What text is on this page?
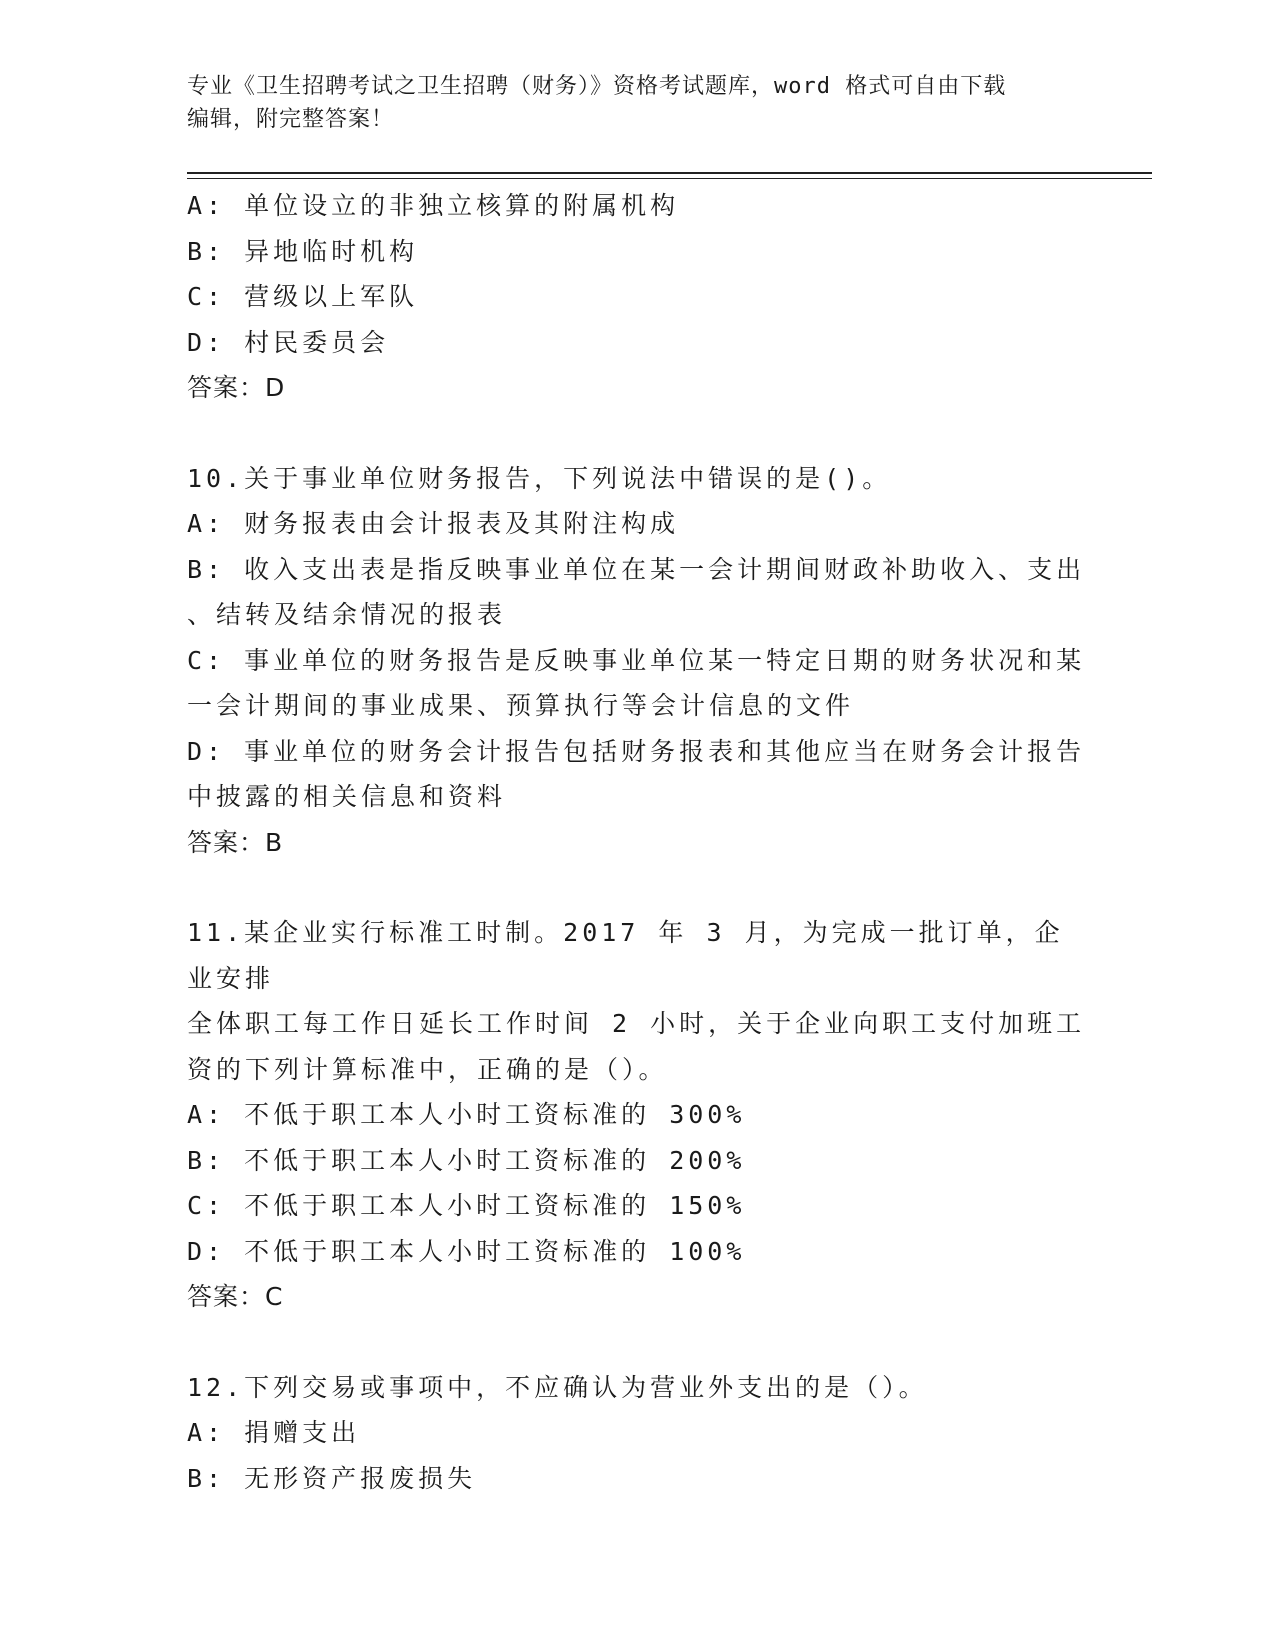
专业《卫生招聘考试之卫生招聘（财务）》资格考试题库，word 格式可自由下载
编辑，附完整答案！
A: 单位设立的非独立核算的附属机构
B: 异地临时机构
C: 营级以上军队
D: 村民委员会
答案：D
10.关于事业单位财务报告，下列说法中错误的是()。
A: 财务报表由会计报表及其附注构成
B: 收入支出表是指反映事业单位在某一会计期间财政补助收入、支出
、结转及结余情况的报表
C: 事业单位的财务报告是反映事业单位某一特定日期的财务状况和某
一会计期间的事业成果、预算执行等会计信息的文件
D: 事业单位的财务会计报告包括财务报表和其他应当在财务会计报告
中披露的相关信息和资料
答案：B
11.某企业实行标准工时制。2017 年 3 月，为完成一批订单，企业安排
全体职工每工作日延长工作时间 2 小时，关于企业向职工支付加班工
资的下列计算标准中，正确的是（）。
A: 不低于职工本人小时工资标准的 300%
B: 不低于职工本人小时工资标准的 200%
C: 不低于职工本人小时工资标准的 150%
D: 不低于职工本人小时工资标准的 100%
答案：C
12.下列交易或事项中，不应确认为营业外支出的是（）。
A: 捐赠支出
B: 无形资产报废损失
